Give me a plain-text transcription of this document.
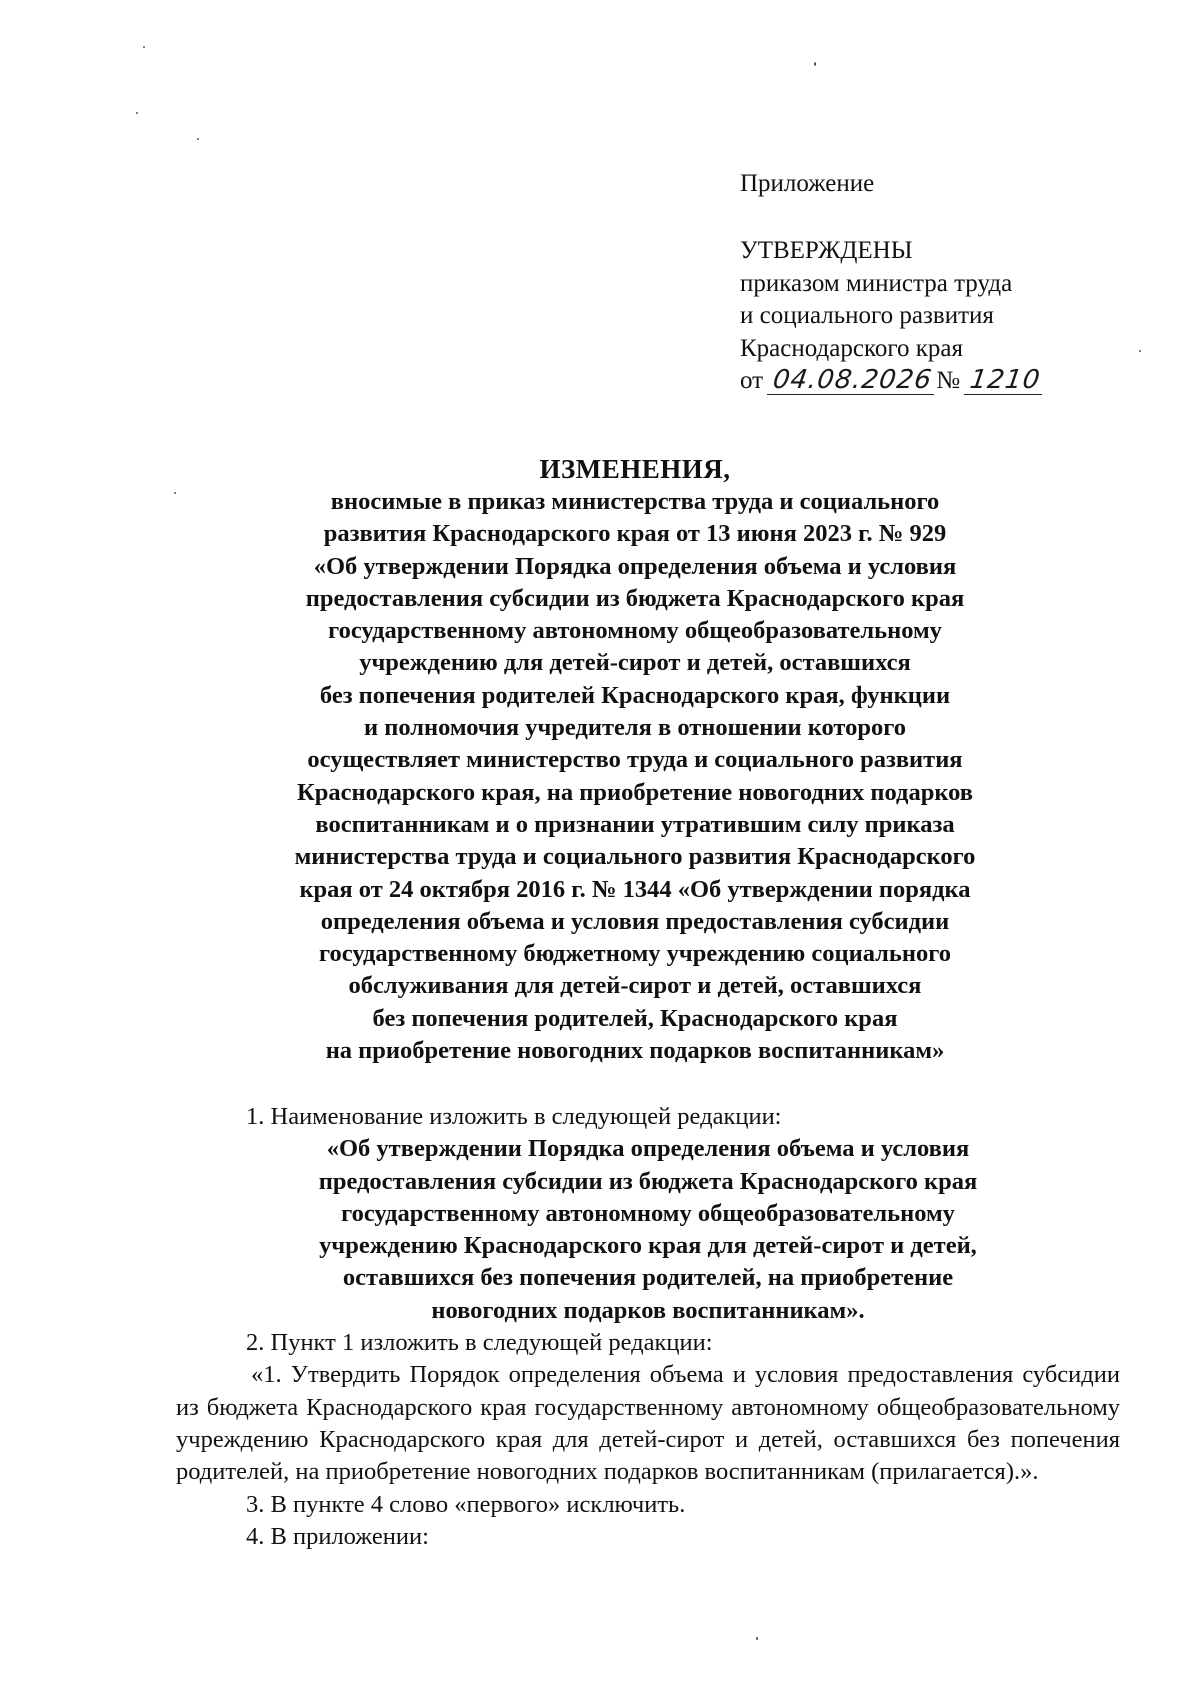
Приложение
УТВЕРЖДЕНЫ
приказом министра труда
и социального развития
Краснодарского края
от 04.08.2026№ 1210
ИЗМЕНЕНИЯ,
вносимые в приказ министерства труда и социального
развития Краснодарского края от 13 июня 2023 г. № 929
«Об утверждении Порядка определения объема и условия
предоставления субсидии из бюджета Краснодарского края
государственному автономному общеобразовательному
учреждению для детей-сирот и детей, оставшихся
без попечения родителей Краснодарского края, функции
и полномочия учредителя в отношении которого
осуществляет министерство труда и социального развития
Краснодарского края, на приобретение новогодних подарков
воспитанникам и о признании утратившим силу приказа
министерства труда и социального развития Краснодарского
края от 24 октября 2016 г. № 1344 «Об утверждении порядка
определения объема и условия предоставления субсидии
государственному бюджетному учреждению социального
обслуживания для детей-сирот и детей, оставшихся
без попечения родителей, Краснодарского края
на приобретение новогодних подарков воспитанникам»

1. Наименование изложить в следующей редакции:

«Об утверждении Порядка определения объема и условия
предоставления субсидии из бюджета Краснодарского края
государственному автономному общеобразовательному
учреждению Краснодарского края для детей-сирот и детей,
оставшихся без попечения родителей, на приобретение
новогодних подарков воспитанникам».

2. Пункт 1 изложить в следующей редакции:

«1. Утвердить Порядок определения объема и условия предоставления субсидии из бюджета Краснодарского края государственному автономному общеобразовательному учреждению Краснодарского края для детей-сирот и детей, оставшихся без попечения родителей, на приобретение новогодних подарков воспитанникам (прилагается).».

3. В пункте 4 слово «первого» исключить.

4. В приложении:
